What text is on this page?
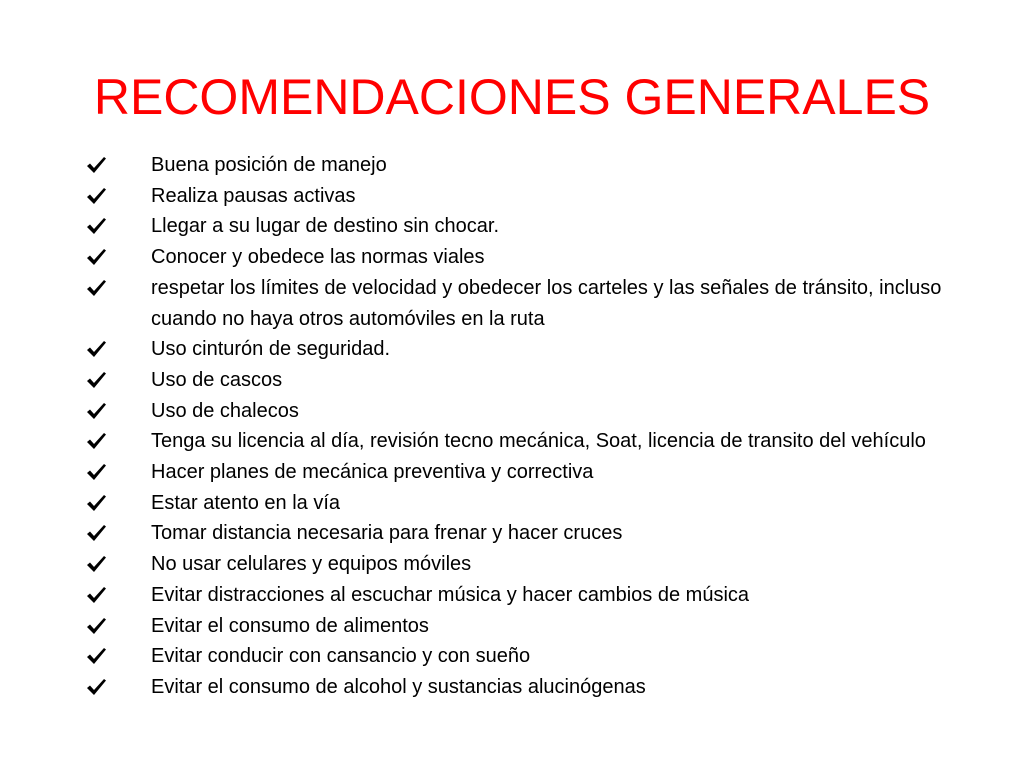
RECOMENDACIONES GENERALES
Buena posición de manejo
Realiza pausas activas
Llegar a su lugar de destino sin chocar.
Conocer y obedece las normas viales
respetar los límites de velocidad y obedecer los carteles y las señales de tránsito, incluso cuando no haya otros automóviles en la ruta
Uso cinturón de seguridad.
Uso de cascos
Uso de chalecos
Tenga su licencia al día, revisión tecno mecánica, Soat, licencia de transito del vehículo
Hacer planes de mecánica preventiva y correctiva
Estar atento en la vía
Tomar distancia necesaria para frenar y hacer cruces
No usar celulares y equipos móviles
Evitar distracciones al escuchar música y hacer cambios de música
Evitar el consumo de alimentos
Evitar conducir con cansancio y con sueño
Evitar el consumo de alcohol y sustancias alucinógenas
